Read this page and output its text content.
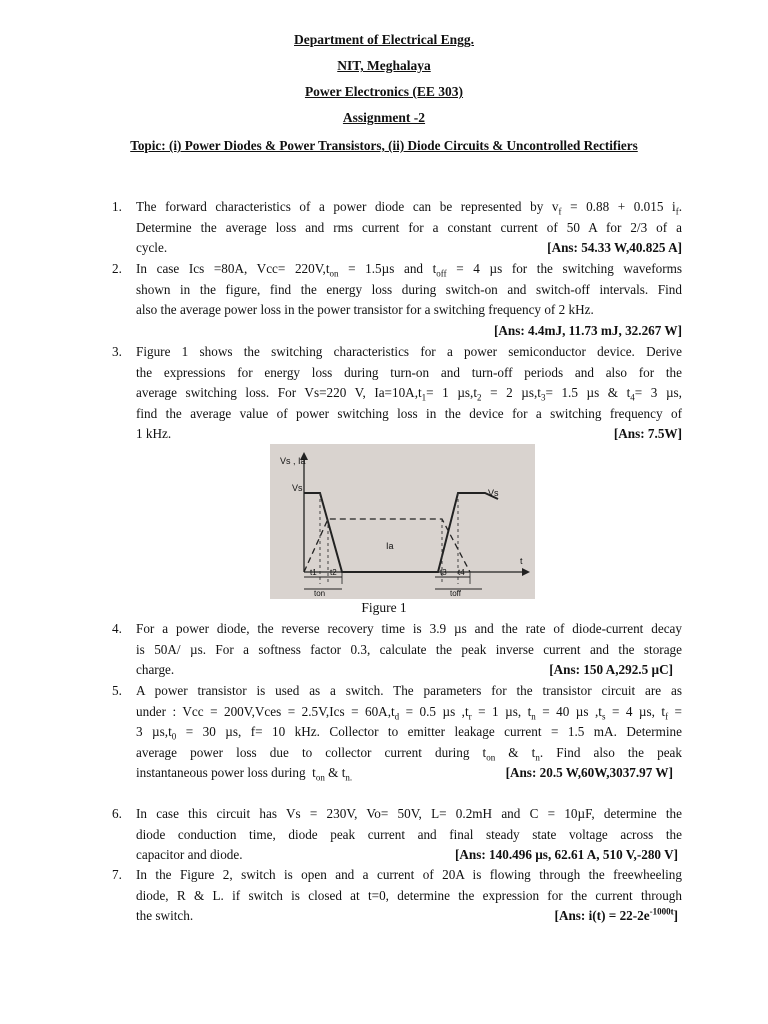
Department of Electrical Engg.
NIT, Meghalaya
Power Electronics (EE 303)
Assignment -2
Topic: (i) Power Diodes & Power Transistors, (ii) Diode Circuits & Uncontrolled Rectifiers
1. The forward characteristics of a power diode can be represented by $v_f = 0.88 + 0.015$ $i_f$.
Determine the average loss and rms current for a constant current of 50 A for 2/3 of a
cycle.	[Ans: 54.33 W,40.825 A]
2. In case Ics =80A, $Vcc= 220V,t_{on} = 1.5\mu s$ and $t_{off} = 4$ µs for the switching waveforms
shown in the figure, find the energy loss during switch-on and switch-off intervals. Find
also the average power loss in the power transistor for a switching frequency of 2 kHz.
[Ans: 4.4mJ, 11.73 mJ, 32.267 W]
3. Figure 1 shows the switching characteristics for a power semiconductor device. Derive
the expressions for energy loss during turn-on and turn-off periods and also for the
average switching loss. For Vs=220 V, $Ia=10A,t_1= 1$ $\mu s,t_2 = 2$ $\mu s,t_3= 1.5$ µs & $t_4= 3$ µs,
find the average value of power switching loss in the device for a switching frequency of
1 kHz.	[Ans: 7.5W]
Vs , Ia
Vs	Vs
Ia
t
t1 t2
ton
t3 t4
toff
Figure 1
4. For a power diode, the reverse recovery time is 3.9 µs and the rate of diode-current decay
is 50A/ µs. For a softness factor 0.3, calculate the peak inverse current and the storage
charge.	[Ans: 150 A,292.5 µC]
5. A power transistor is used as a switch. The parameters for the transistor circuit are as
under : Vcc = 200V,Vces = $2.5V,Ics = 60A,t_d = 0.5$ µs $,t_r = 1$ µs, $t_n = 40$ µs $,t_s = 4$ µs, $t_f$ =
3 $\mu s,t_0 = 30$ µs, f= 10 kHz. Collector to emitter leakage current = 1.5 mA. Determine
average power loss due to collector current during $t_{on}$ & $t_n$. Find also the peak
instantaneous power loss during  $t_{on}$ & $t_{n.}$	[Ans: 20.5 W,60W,3037.97 W]
6. In case this circuit has Vs = 230V, Vo= 50V, L= 0.2mH and C = 10µF, determine the
diode conduction time, diode peak current and final steady state voltage across the
capacitor and diode.	[Ans: 140.496 µs, 62.61 A, 510 V,-280 V]
7. In the Figure 2, switch is open and a current of 20A is flowing through the freewheeling
diode, R & L. if switch is closed at t=0, determine the expression for the current through
the switch.	[Ans: $i(t) = 22-2e^{-1000t}$]
